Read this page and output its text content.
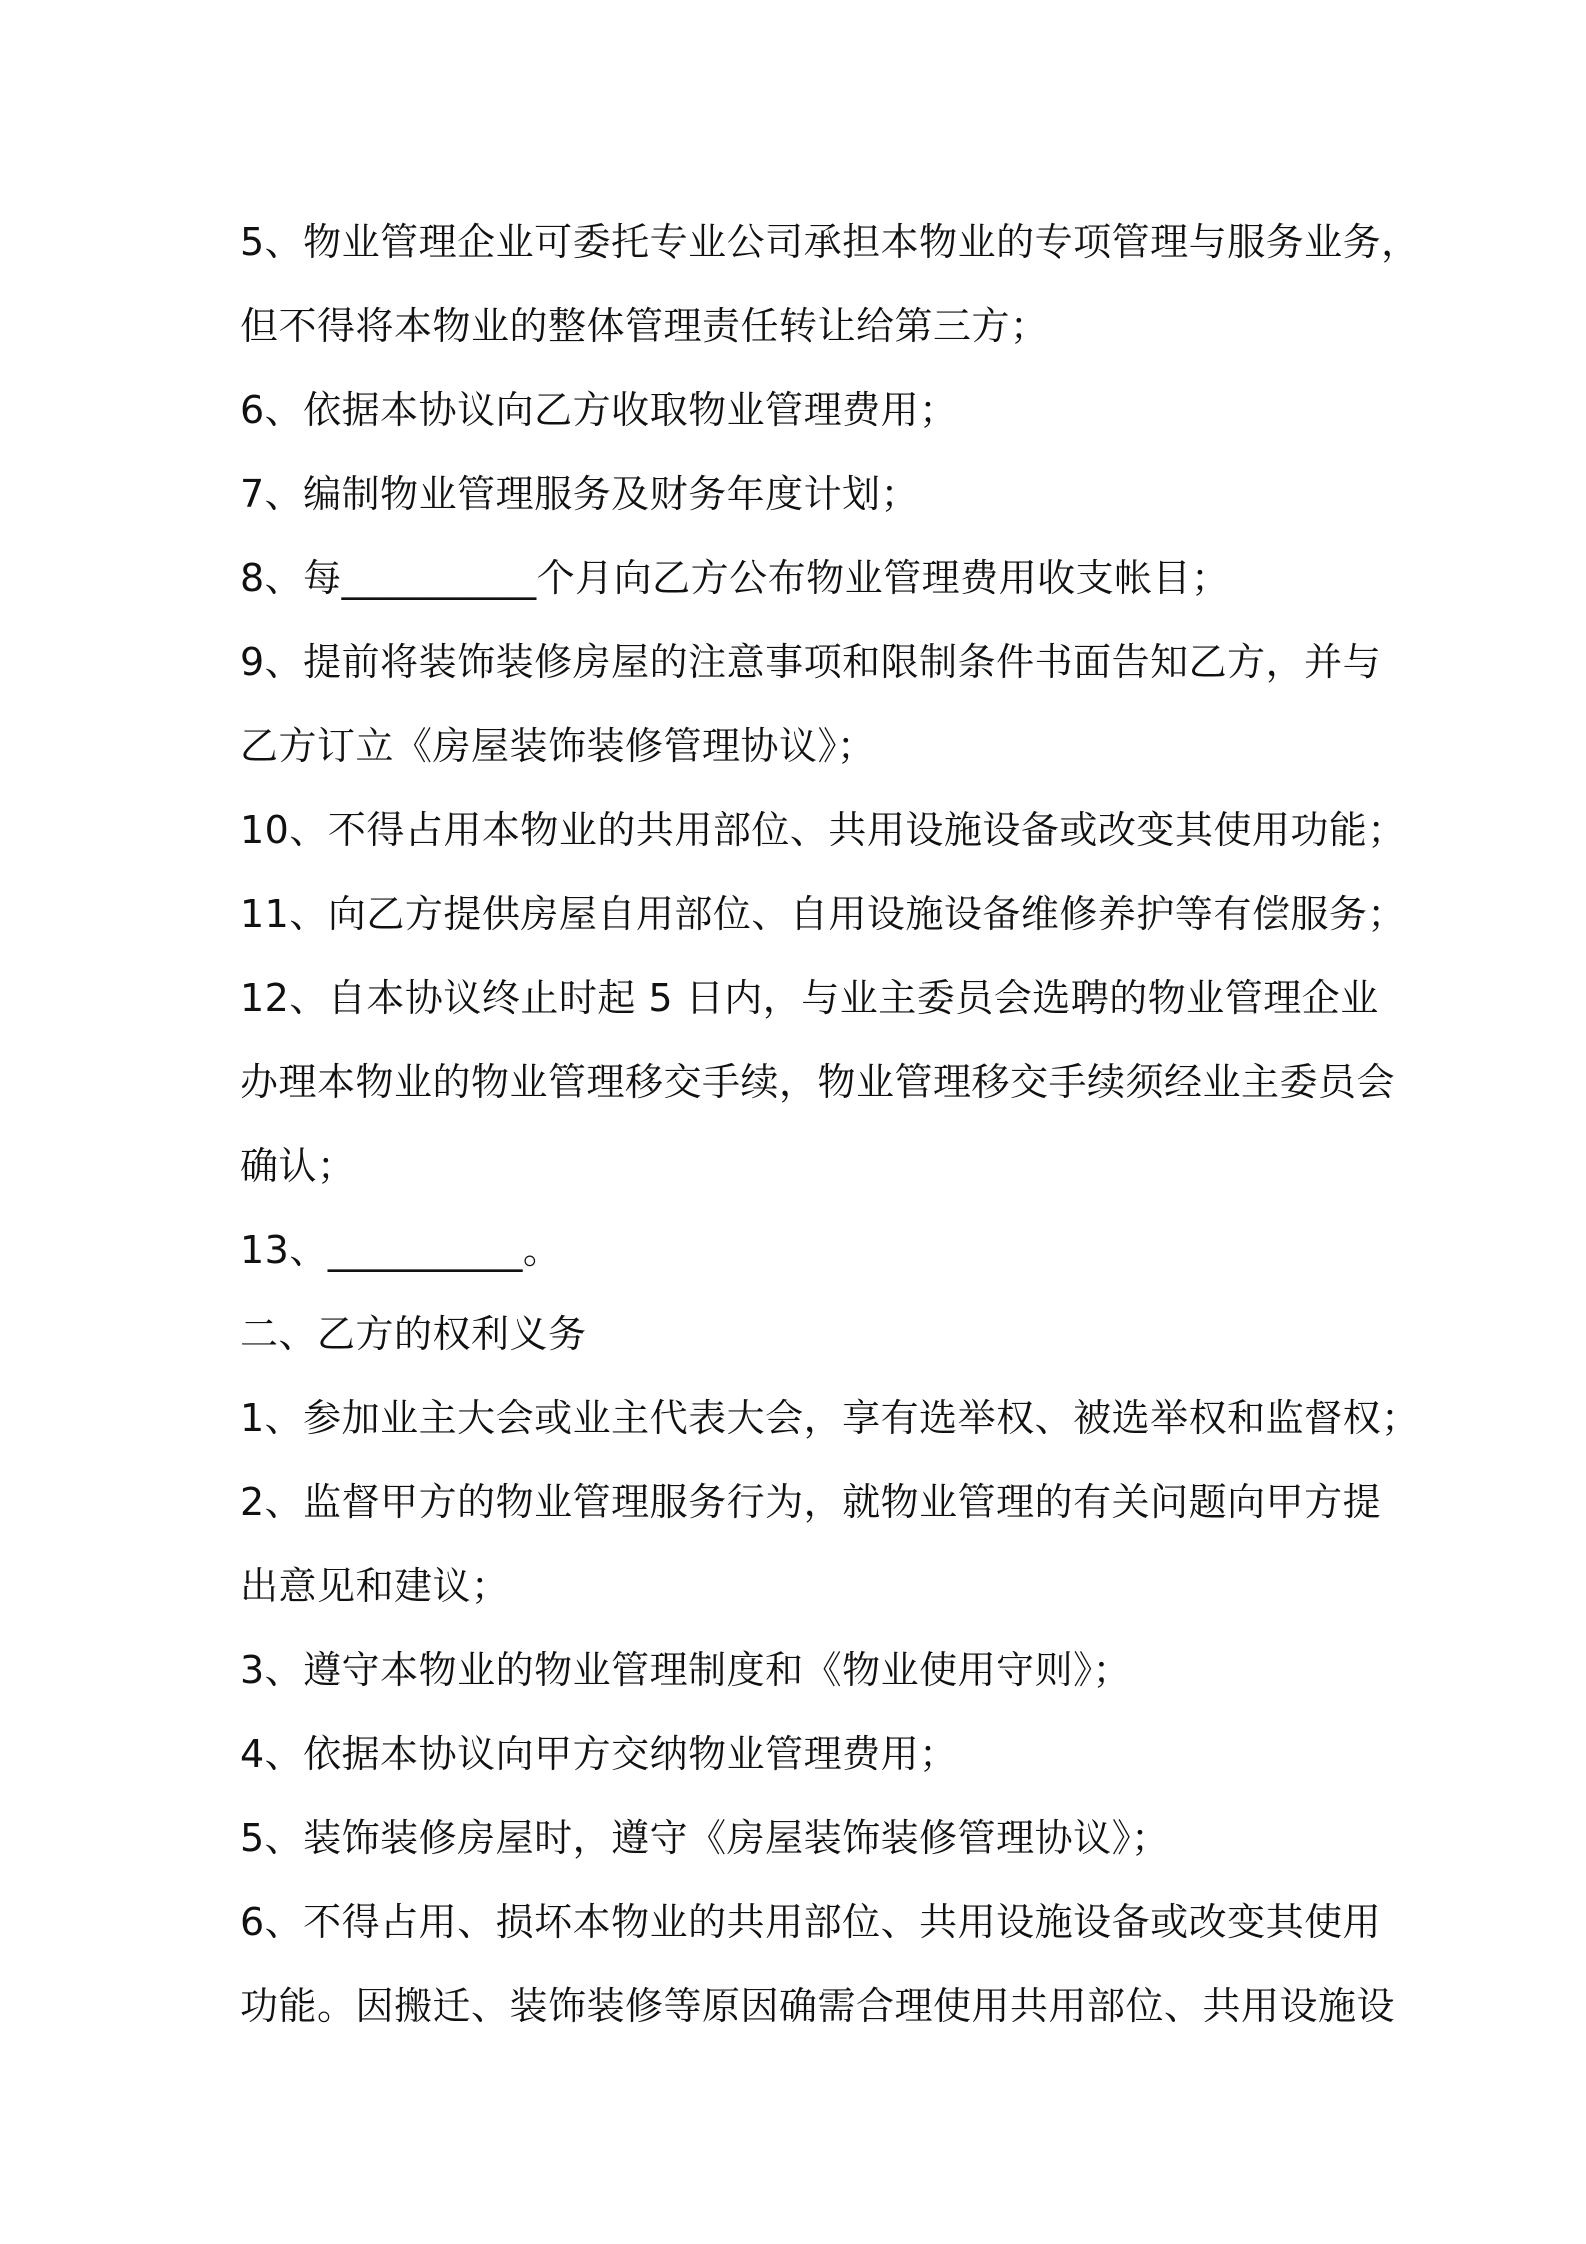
5、物业管理企业可委托专业公司承担本物业的专项管理与服务业务，
但不得将本物业的整体管理责任转让给第三方；
6、依据本协议向乙方收取物业管理费用；
7、编制物业管理服务及财务年度计划；
8、每__________个月向乙方公布物业管理费用收支帐目；
9、提前将装饰装修房屋的注意事项和限制条件书面告知乙方，并与
乙方订立《房屋装饰装修管理协议》；
10、不得占用本物业的共用部位、共用设施设备或改变其使用功能；
11、向乙方提供房屋自用部位、自用设施设备维修养护等有偿服务；
12、自本协议终止时起 5 日内，与业主委员会选聘的物业管理企业
办理本物业的物业管理移交手续，物业管理移交手续须经业主委员会
确认；
13、__________。
二、乙方的权利义务
1、参加业主大会或业主代表大会，享有选举权、被选举权和监督权；
2、监督甲方的物业管理服务行为，就物业管理的有关问题向甲方提
出意见和建议；
3、遵守本物业的物业管理制度和《物业使用守则》；
4、依据本协议向甲方交纳物业管理费用；
5、装饰装修房屋时，遵守《房屋装饰装修管理协议》；
6、不得占用、损坏本物业的共用部位、共用设施设备或改变其使用
功能。因搬迁、装饰装修等原因确需合理使用共用部位、共用设施设
